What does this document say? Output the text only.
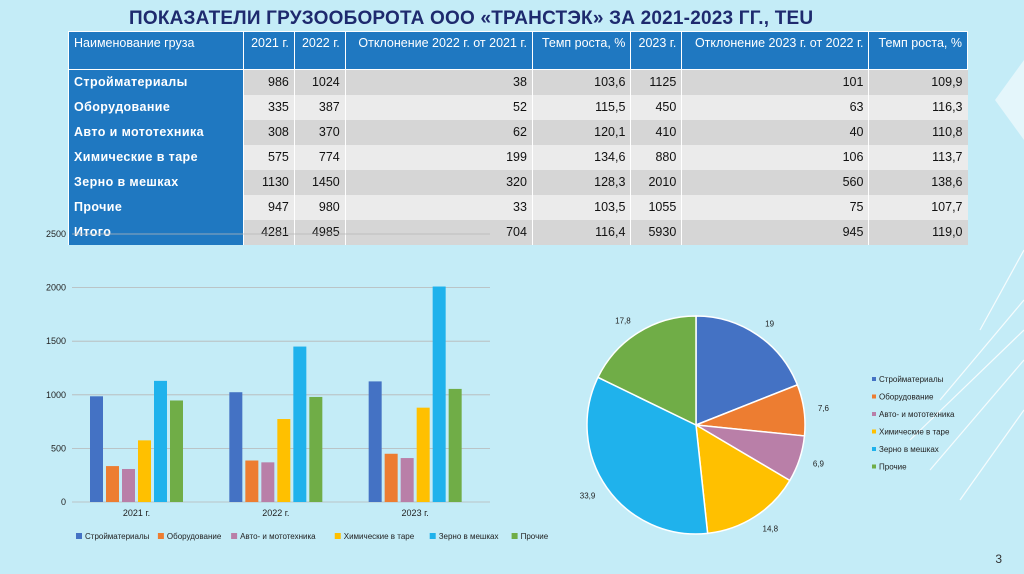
ПОКАЗАТЕЛИ ГРУЗООБОРОТА ООО «ТРАНСТЭК» ЗА 2021-2023 ГГ., TEU
Наименование груза	2021 г.	2022 г.	Отклонение 2022 г. от 2021 г.	Темп роста, %	2023 г.	Отклонение 2023 г. от 2022 г.	Темп роста, %
Стройматериалы	986	1024	38	103,6	1125	101	109,9
Оборудование	335	387	52	115,5	450	63	116,3
Авто и мототехника	308	370	62	120,1	410	40	110,8
Химические в таре	575	774	199	134,6	880	106	113,7
Зерно в мешках	1130	1450	320	128,3	2010	560	138,6
Прочие	947	980	33	103,5	1055	75	107,7
Итого	4281	4985	704	116,4	5930	945	119,0
0
500
1000
1500
2000
2500
2021 г.	2022 г.	2023 г.
Стройматериалы Оборудование Авто- и мототехника	Химические в таре	Зерно в мешках	Прочие
19
7,6
6,9
14,8
33,9
17,8
Стройматериалы
Оборудование
Авто- и мототехника
Химические в таре
Зерно в мешках
Прочие
3
